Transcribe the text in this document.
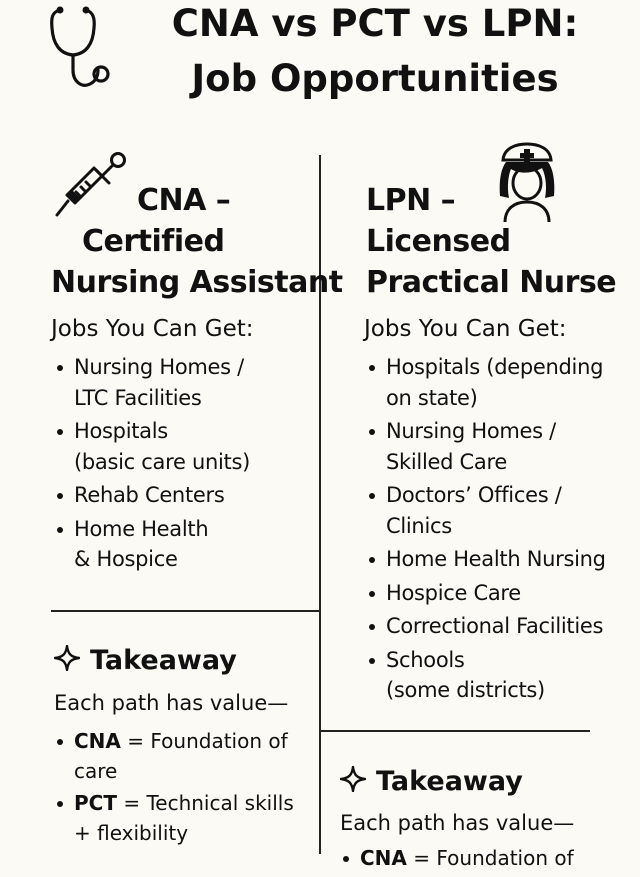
CNA vs PCT vs LPN:
Job Opportunities
CNA –
Certified
Nursing Assistant
Jobs You Can Get:
Nursing Homes /
LTC Facilities
Hospitals
(basic care units)
Rehab Centers
Home Health
& Hospice
Takeaway
Each path has value—
CNA = Foundation of
care
PCT = Technical skills
+ flexibility
LPN –
Licensed
Practical Nurse
Jobs You Can Get:
Hospitals (depending
on state)
Nursing Homes /
Skilled Care
Doctors’ Offices /
Clinics
Home Health Nursing
Hospice Care
Correctional Facilities
Schools
(some districts)
Takeaway
Each path has value—
CNA = Foundation of
